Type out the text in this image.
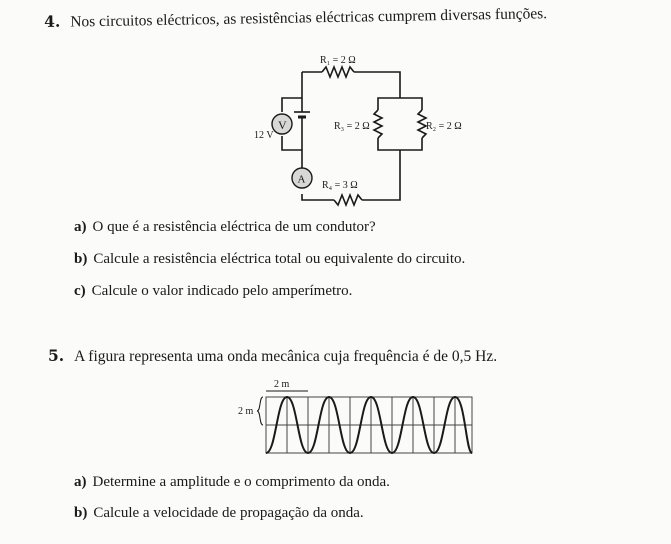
4. Nos circuitos eléctricos, as resistências eléctricas cumprem diversas funções.
V
A
R₁ = 2 Ω
R₃ = 2 Ω	R₂ = 2 Ω
R₄ = 3 Ω
12 V
a) O que é a resistência eléctrica de um condutor?
b) Calcule a resistência eléctrica total ou equivalente do circuito.
c) Calcule o valor indicado pelo amperímetro.
5. A figura representa uma onda mecânica cuja frequência é de 0,5 Hz.
2 m
2 m
a) Determine a amplitude e o comprimento da onda.
b) Calcule a velocidade de propagação da onda.
